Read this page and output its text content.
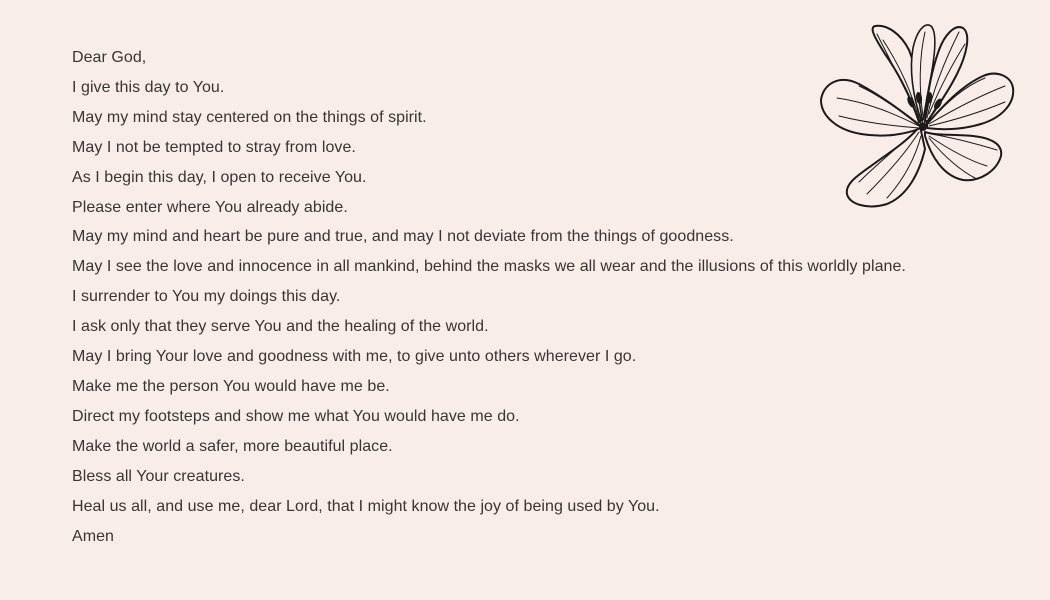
Dear God,
I give this day to You.
May my mind stay centered on the things of spirit.
May I not be tempted to stray from love.
As I begin this day, I open to receive You.
Please enter where You already abide.
May my mind and heart be pure and true, and may I not deviate from the things of goodness.
May I see the love and innocence in all mankind, behind the masks we all wear and the illusions of this worldly plane.
I surrender to You my doings this day.
I ask only that they serve You and the healing of the world.
May I bring Your love and goodness with me, to give unto others wherever I go.
Make me the person You would have me be.
Direct my footsteps and show me what You would have me do.
Make the world a safer, more beautiful place.
Bless all Your creatures.
Heal us all, and use me, dear Lord, that I might know the joy of being used by You.
Amen
